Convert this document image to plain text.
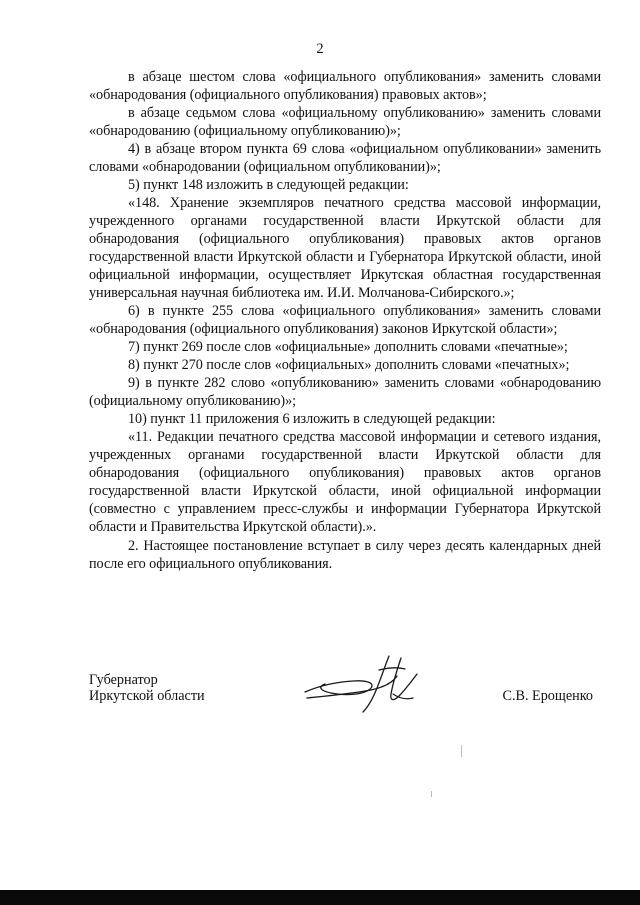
2

в абзаце шестом слова «официального опубликования» заменить словами «обнародования (официального опубликования) правовых актов»;

в абзаце седьмом слова «официальному опубликованию» заменить словами «обнародованию (официальному опубликованию)»;

4) в абзаце втором пункта 69 слова «официальном опубликовании» заменить словами «обнародовании (официальном опубликовании)»;

5) пункт 148 изложить в следующей редакции:

«148. Хранение экземпляров печатного средства массовой информации, учрежденного органами государственной власти Иркутской области для обнародования (официального опубликования) правовых актов органов государственной власти Иркутской области и Губернатора Иркутской области, иной официальной информации, осуществляет Иркутская областная государственная универсальная научная библиотека им. И.И. Молчанова-Сибирского.»;

6) в пункте 255 слова «официального опубликования» заменить словами «обнародования (официального опубликования) законов Иркутской области»;

7) пункт 269 после слов «официальные» дополнить словами «печатные»;

8) пункт 270 после слов «официальных» дополнить словами «печатных»;

9) в пункте 282 слово «опубликованию» заменить словами «обнародованию (официальному опубликованию)»;

10) пункт 11 приложения 6 изложить в следующей редакции:

«11. Редакции печатного средства массовой информации и сетевого издания, учрежденных органами государственной власти Иркутской области для обнародования (официального опубликования) правовых актов органов государственной власти Иркутской области, иной официальной информации (совместно с управлением пресс-службы и информации Губернатора Иркутской области и Правительства Иркутской области).».

2. Настоящее постановление вступает в силу через десять календарных дней после его официального опубликования.

Губернатор
Иркутской области	С.В. Ерощенко
